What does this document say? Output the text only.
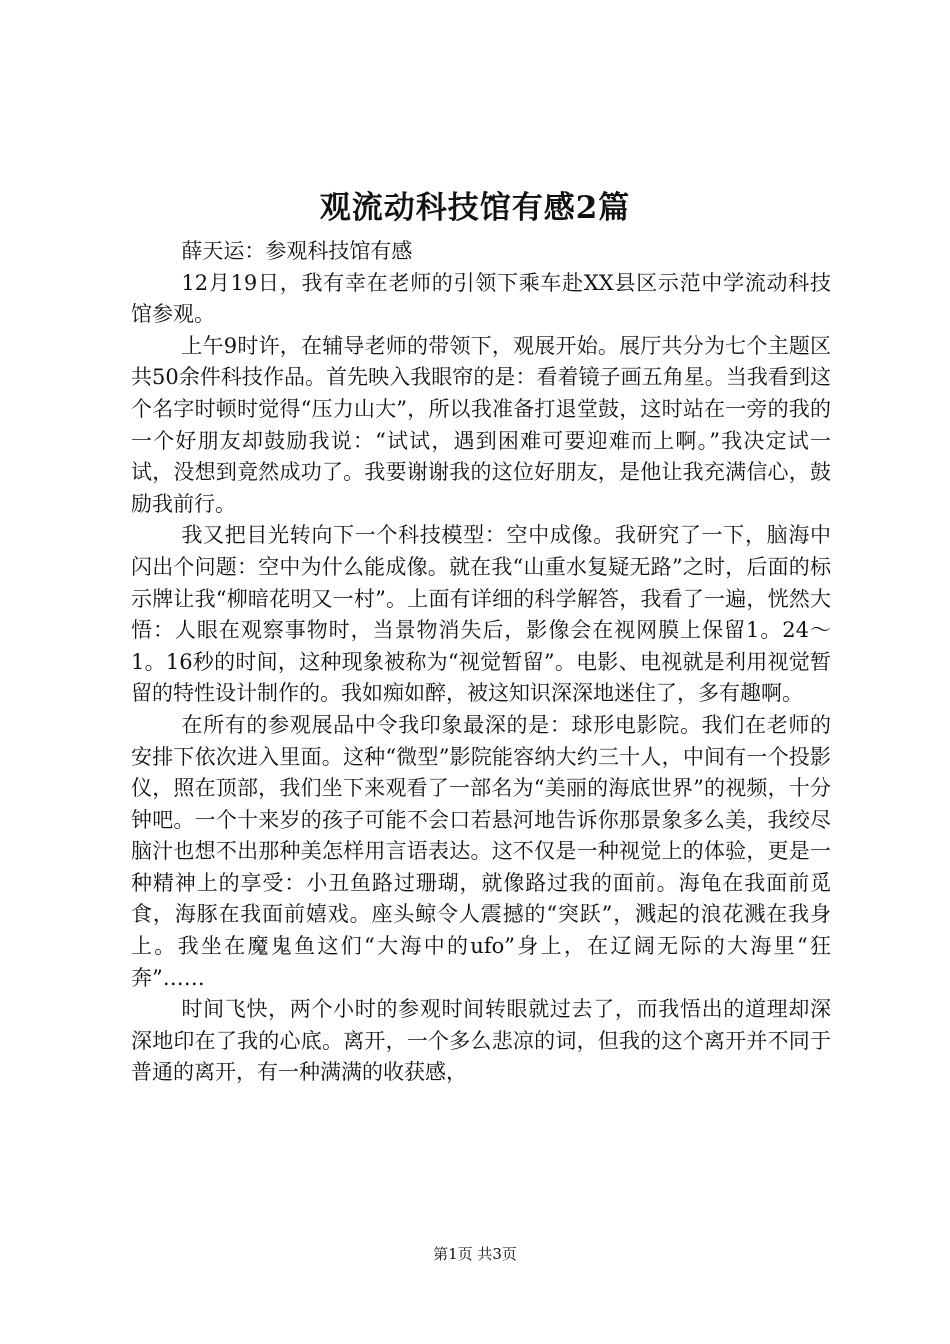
观流动科技馆有感2篇

薛天运：参观科技馆有感

12月19日，我有幸在老师的引领下乘车赴XX县区示范中学流动科技馆参观。

上午9时许，在辅导老师的带领下，观展开始。展厅共分为七个主题区共50余件科技作品。首先映入我眼帘的是：看着镜子画五角星。当我看到这个名字时顿时觉得“压力山大”，所以我准备打退堂鼓，这时站在一旁的我的一个好朋友却鼓励我说：“试试，遇到困难可要迎难而上啊。”我决定试一试，没想到竟然成功了。我要谢谢我的这位好朋友，是他让我充满信心，鼓励我前行。

我又把目光转向下一个科技模型：空中成像。我研究了一下，脑海中闪出个问题：空中为什么能成像。就在我“山重水复疑无路”之时，后面的标示牌让我“柳暗花明又一村”。上面有详细的科学解答，我看了一遍，恍然大悟：人眼在观察事物时，当景物消失后，影像会在视网膜上保留1。24～1。16秒的时间，这种现象被称为“视觉暂留”。电影、电视就是利用视觉暂留的特性设计制作的。我如痴如醉，被这知识深深地迷住了，多有趣啊。

在所有的参观展品中令我印象最深的是：球形电影院。我们在老师的安排下依次进入里面。这种“微型”影院能容纳大约三十人，中间有一个投影仪，照在顶部，我们坐下来观看了一部名为“美丽的海底世界”的视频，十分钟吧。一个十来岁的孩子可能不会口若悬河地告诉你那景象多么美，我绞尽脑汁也想不出那种美怎样用言语表达。这不仅是一种视觉上的体验，更是一种精神上的享受：小丑鱼路过珊瑚，就像路过我的面前。海龟在我面前觅食，海豚在我面前嬉戏。座头鲸令人震撼的“突跃”，溅起的浪花溅在我身上。我坐在魔鬼鱼这们“大海中的ufo”身上，在辽阔无际的大海里“狂奔”……

时间飞快，两个小时的参观时间转眼就过去了，而我悟出的道理却深深地印在了我的心底。离开，一个多么悲凉的词，但我的这个离开并不同于普通的离开，有一种满满的收获感，

第1页 共3页
